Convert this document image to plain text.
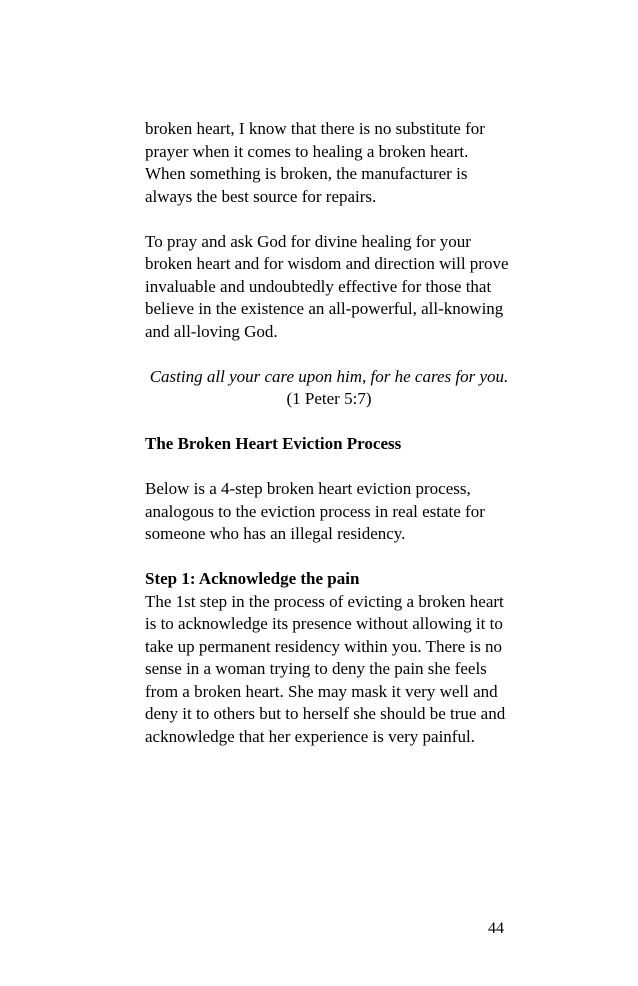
broken heart, I know that there is no substitute for prayer when it comes to healing a broken heart.

When something is broken, the manufacturer is always the best source for repairs.

To pray and ask God for divine healing for your broken heart and for wisdom and direction will prove invaluable and undoubtedly effective for those that believe in the existence an all-powerful, all-knowing and all-loving God.

Casting all your care upon him, for he cares for you.

(1 Peter 5:7)

The Broken Heart Eviction Process

Below is a 4-step broken heart eviction process, analogous to the eviction process in real estate for someone who has an illegal residency.

Step 1: Acknowledge the pain

The 1st step in the process of evicting a broken heart is to acknowledge its presence without allowing it to take up permanent residency within you. There is no sense in a woman trying to deny the pain she feels from a broken heart. She may mask it very well and deny it to others but to herself she should be true and acknowledge that her experience is very painful.

44
